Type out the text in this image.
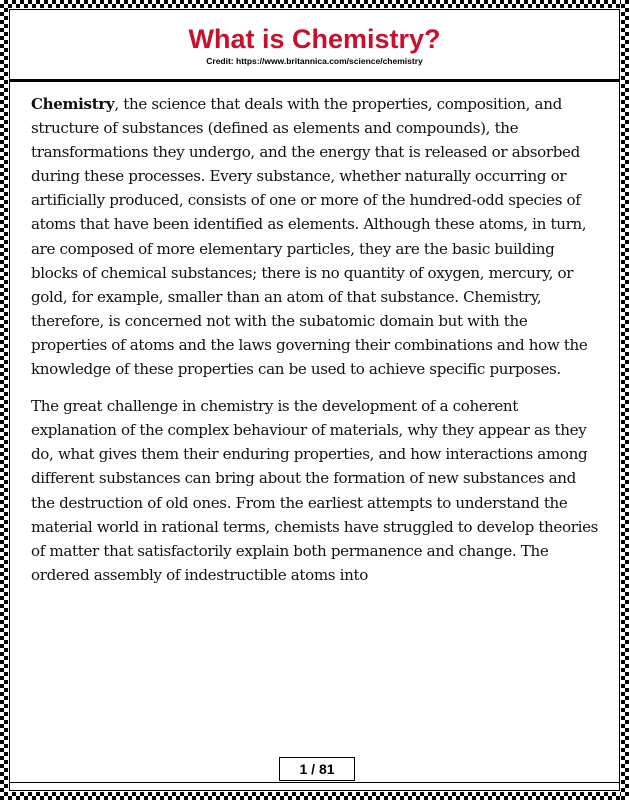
What is Chemistry?
Credit: https://www.britannica.com/science/chemistry

Chemistry, the science that deals with the properties, composition, and structure of substances (defined as elements and compounds), the transformations they undergo, and the energy that is released or absorbed during these processes. Every substance, whether naturally occurring or artificially produced, consists of one or more of the hundred-odd species of atoms that have been identified as elements. Although these atoms, in turn, are composed of more elementary particles, they are the basic building blocks of chemical substances; there is no quantity of oxygen, mercury, or gold, for example, smaller than an atom of that substance. Chemistry, therefore, is concerned not with the subatomic domain but with the properties of atoms and the laws governing their combinations and how the knowledge of these properties can be used to achieve specific purposes.

The great challenge in chemistry is the development of a coherent explanation of the complex behaviour of materials, why they appear as they do, what gives them their enduring properties, and how interactions among different substances can bring about the formation of new substances and the destruction of old ones. From the earliest attempts to understand the material world in rational terms, chemists have struggled to develop theories of matter that satisfactorily explain both permanence and change. The ordered assembly of indestructible atoms into

1 / 81
